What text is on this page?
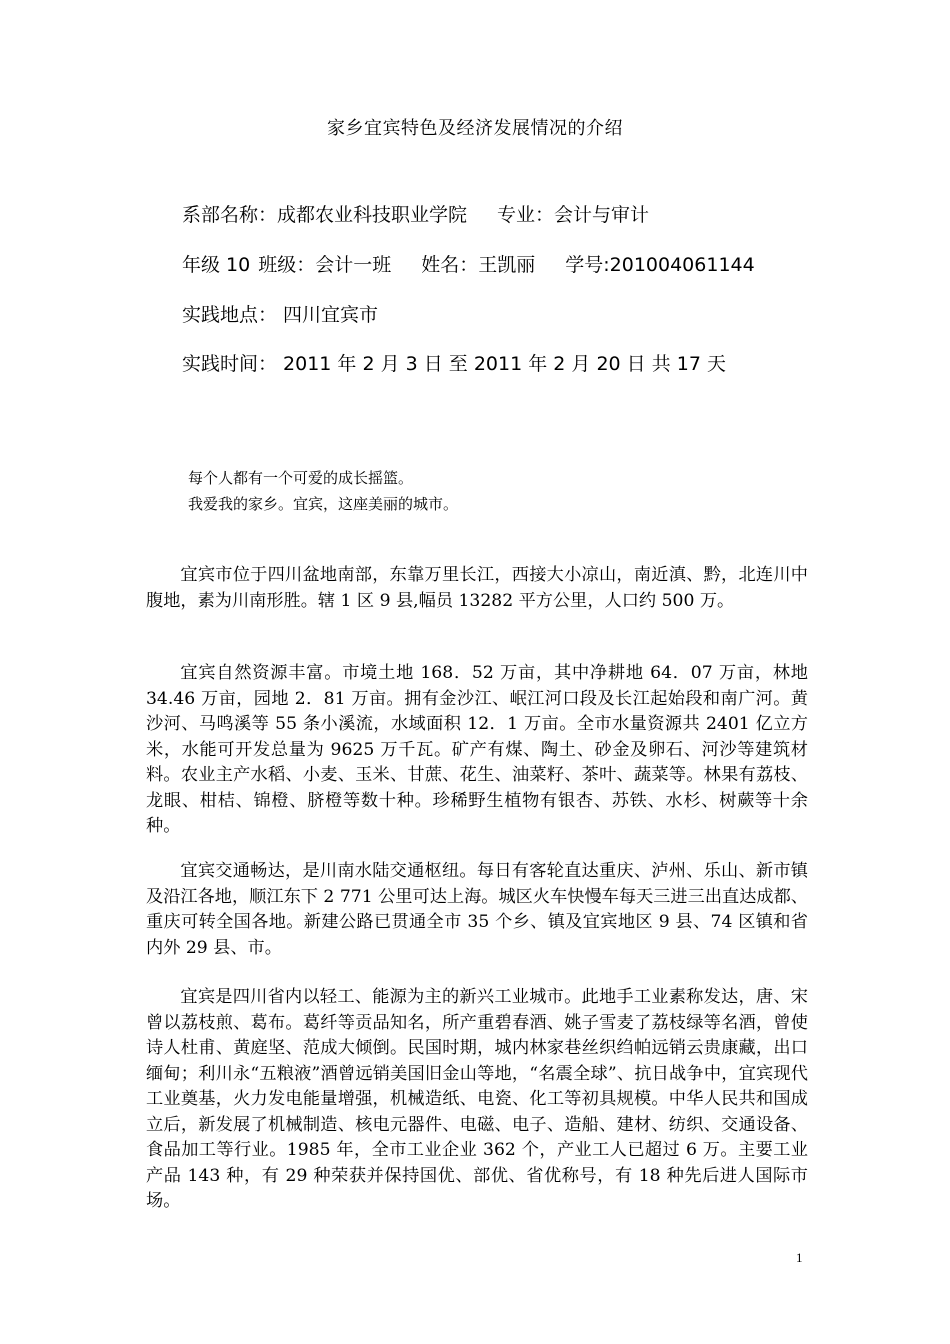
家乡宜宾特色及经济发展情况的介绍
系部名称：成都农业科技职业学院 专业：会计与审计
年级 10 班级：会计一班 姓名：王凯丽 学号:201004061144
实践地点： 四川宜宾市
实践时间： 2011 年 2 月 3 日 至 2011 年 2 月 20 日 共 17 天
每个人都有一个可爱的成长摇篮。
我爱我的家乡。宜宾，这座美丽的城市。

宜宾市位于四川盆地南部，东靠万里长江，西接大小凉山，南近滇、黔，北连川中腹地，素为川南形胜。辖 1 区 9 县,幅员 13282 平方公里，人口约 500 万。

宜宾自然资源丰富。市境土地 168．52 万亩，其中净耕地 64．07 万亩，林地 34.46 万亩，园地 2．81 万亩。拥有金沙江、岷江河口段及长江起始段和南广河。黄沙河、马鸣溪等 55 条小溪流，水域面积 12．1 万亩。全市水量资源共 2401 亿立方米，水能可开发总量为 9625 万千瓦。矿产有煤、陶土、砂金及卵石、河沙等建筑材料。农业主产水稻、小麦、玉米、甘蔗、花生、油菜籽、茶叶、蔬菜等。林果有荔枝、龙眼、柑桔、锦橙、脐橙等数十种。珍稀野生植物有银杏、苏铁、水杉、树蕨等十余种。

宜宾交通畅达，是川南水陆交通枢纽。每日有客轮直达重庆、泸州、乐山、新市镇及沿江各地，顺江东下 2 771 公里可达上海。城区火车快慢车每天三进三出直达成都、重庆可转全国各地。新建公路已贯通全市 35 个乡、镇及宜宾地区 9 县、74 区镇和省内外 29 县、市。

宜宾是四川省内以轻工、能源为主的新兴工业城市。此地手工业素称发达，唐、宋曾以荔枝煎、葛布。葛纤等贡品知名，所产重碧春酒、姚子雪麦了荔枝绿等名酒，曾使诗人杜甫、黄庭坚、范成大倾倒。民国时期，城内林家巷丝织绉帕远销云贵康藏，出口缅甸；利川永“五粮液”酒曾远销美国旧金山等地，“名震全球”、抗日战争中，宜宾现代工业奠基，火力发电能量增强，机械造纸、电瓷、化工等初具规模。中华人民共和国成立后，新发展了机械制造、核电元器件、电磁、电子、造船、建材、纺织、交通设备、食品加工等行业。1985 年，全市工业企业 362 个，产业工人已超过 6 万。主要工业产品 143 种，有 29 种荣获并保持国优、部优、省优称号，有 18 种先后进人国际市场。

1
